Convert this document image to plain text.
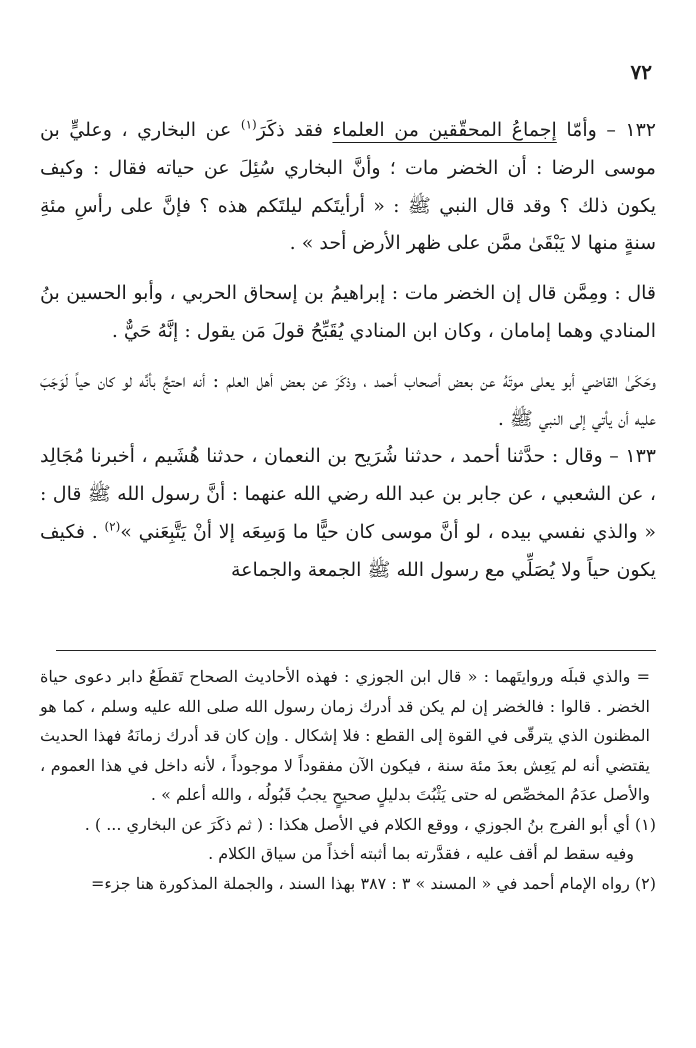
٧٢

١٣٢ – وأمّا إجماعُ المحقّقين من العلماء فقد ذكَرَ$^{(١)}$ عن البخاري ، وعليٍّ بن موسى الرضا : أن الخضر مات ؛ وأنَّ البخاري سُئِلَ عن حياته فقال : وكيف يكون ذلك ؟ وقد قال النبي ﷺ : « أرأيتَكم ليلتَكم هذه ؟ فإنَّ على رأسِ مئةِ سنةٍ منها لا يَبْقَىٰ ممَّن على ظهر الأرض أحد » .

قال : ومِمَّن قال إن الخضر مات : إبراهيمُ بن إسحاق الحربي ، وأبو الحسين بنُ المنادي وهما إمامان ، وكان ابن المنادي يُقَبِّحُ قولَ مَن يقول : إنَّهُ حَيٌّ .

وحَكَىٰ القاضي أبو يعلى موتَهُ عن بعض أصحاب أحمد ، وذكَرَ عن بعض أهل العلم : أنه احتجَّ بأنَّه لو كان حياً لَوَجَبَ عليه أن يأتي إلى النبي ﷺ .

١٣٣ – وقال : حدَّثنا أحمد ، حدثنا شُرَيح بن النعمان ، حدثنا هُشَيم ، أخبرنا مُجَالِد ، عن الشعبي ، عن جابر بن عبد الله رضي الله عنهما : أنَّ رسول الله ﷺ قال : « والذي نفسي بيده ، لو أنَّ موسى كان حيًّا ما وَسِعَه إلا أنْ يَتَّبِعَني »$^{(٢)}$ . فكيف يكون حياً ولا يُصَلِّي مع رسول الله ﷺ الجمعة والجماعة

= والذي قبلَه وروايتَهما : « قال ابن الجوزي : فهذه الأحاديث الصحاح تَقطَعُ دابر دعوى حياة الخضر . قالوا : فالخضر إن لم يكن قد أدرك زمان رسول الله صلى الله عليه وسلم ، كما هو المظنون الذي يترقّى في القوة إلى القطع : فلا إشكال . وإن كان قد أدرك زمانَهُ فهذا الحديث يقتضي أنه لم يَعِش بعدَ مئة سنة ، فيكون الآن مفقوداً لا موجوداً ، لأنه داخل في هذا العموم ، والأصل عدَمُ المخصِّص له حتى يَثْبُتَ بدليلٍ صحيحٍ يجبُ قَبُولُه ، والله أعلم » .

(١) أي أبو الفرج بنُ الجوزي ، ووقع الكلام في الأصل هكذا : ( ثم ذكَرَ عن البخاري ... ) .

وفيه سقط لم أقف عليه ، فقدَّرته بما أثبته أخذاً من سياق الكلام .

(٢) رواه الإمام أحمد في « المسند » ٣ : ٣٨٧ بهذا السند ، والجملة المذكورة هنا جزء=
